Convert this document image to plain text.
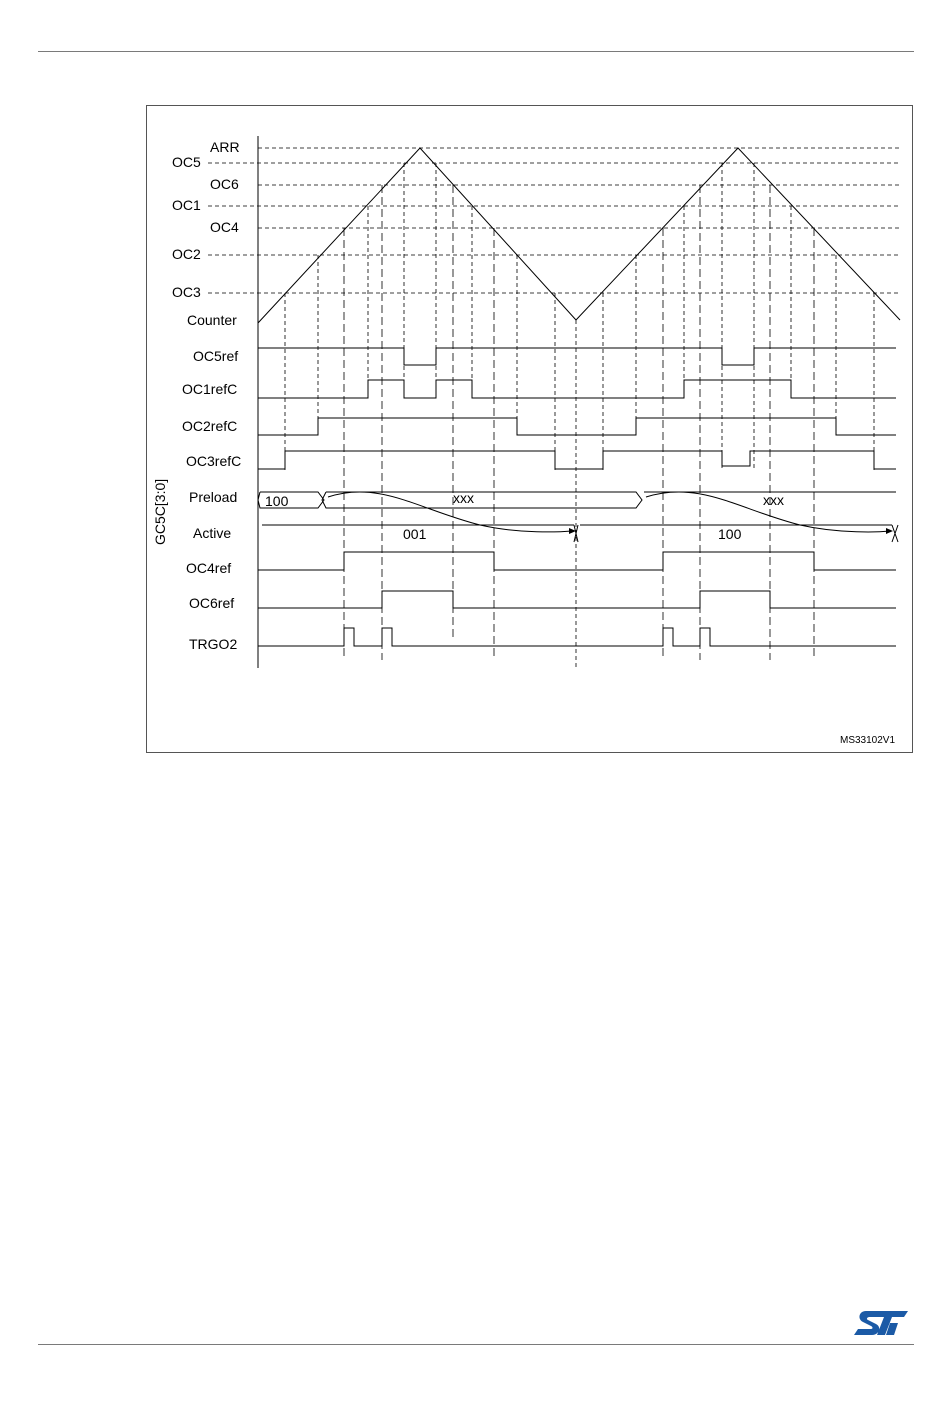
ARR
OC5
OC6
OC1
OC4
OC2
OC3
Counter
OC5ref
OC1refC
OC2refC
OC3refC
Preload
Active
OC4ref
OC6ref
TRGO2
GC5C[3:0]	100	xxx	xxx
001	100
MS33102V1
